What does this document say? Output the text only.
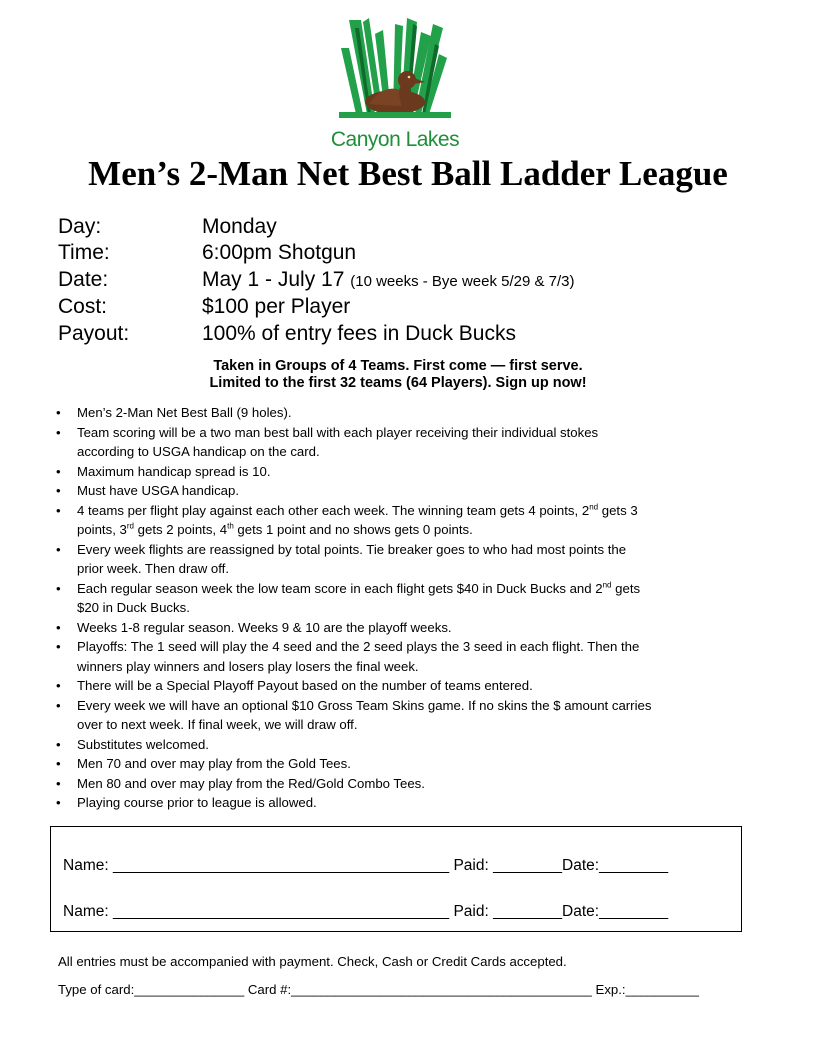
Canyon Lakes
Men’s 2-Man Net Best Ball Ladder League
Day:	Monday
Time:	6:00pm Shotgun
Date:	May 1 - July 17 (10 weeks - Bye week 5/29 & 7/3)
Cost:	$100 per Player
Payout:	100% of entry fees in Duck Bucks
Taken in Groups of 4 Teams. First come — first serve.
Limited to the first 32 teams (64 Players). Sign up now!
• Men’s 2-Man Net Best Ball (9 holes).
• Team scoring will be a two man best ball with each player receiving their individual stokes
according to USGA handicap on the card.
• Maximum handicap spread is 10.
• Must have USGA handicap.
• 4 teams per flight play against each other each week. The winning team gets 4 points, 2nd gets 3
points, 3rd gets 2 points, 4th gets 1 point and no shows gets 0 points.
• Every week flights are reassigned by total points. Tie breaker goes to who had most points the
prior week. Then draw off.
• Each regular season week the low team score in each flight gets $40 in Duck Bucks and 2nd gets
$20 in Duck Bucks.
• Weeks 1-8 regular season. Weeks 9 & 10 are the playoff weeks.
• Playoffs: The 1 seed will play the 4 seed and the 2 seed plays the 3 seed in each flight. Then the
winners play winners and losers play losers the final week.
• There will be a Special Playoff Payout based on the number of teams entered.
• Every week we will have an optional $10 Gross Team Skins game. If no skins the $ amount carries
over to next week. If final week, we will draw off.
• Substitutes welcomed.
• Men 70 and over may play from the Gold Tees.
• Men 80 and over may play from the Red/Gold Combo Tees.
• Playing course prior to league is allowed.
Name: _______________________________________ Paid: ________Date:________
Name: _______________________________________ Paid: ________Date:________
All entries must be accompanied with payment. Check, Cash or Credit Cards accepted.
Type of card:_______________ Card #:_________________________________________ Exp.:__________
